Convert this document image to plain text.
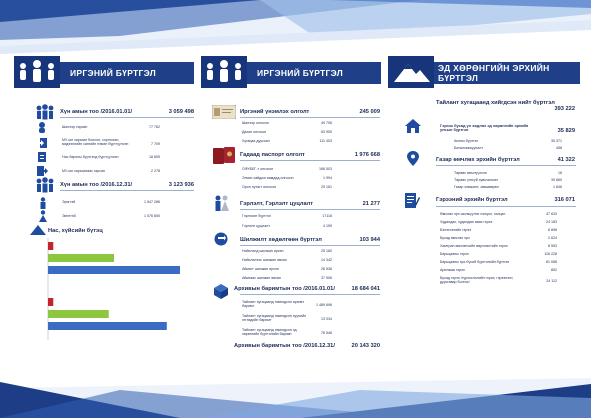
ИРГЭНИЙ БҮРТГЭЛ
Хүн амын тоо /2016.01.01/	3 059 498
Шинээр төрсөн	77 762
МУ-ын харьяат болсон, сэргээсэн, мэдээллийн сангийн нэмэн бүртгүүлсэн	7 709
Нас барсны бүртгэлд бүртгүүлсэн	18 805
МУ-ын харьяатаас гарсан	2 278
Хүн амын тоо /2016.12.31/	3 123 936
Эрэгтэй	1 547 286
Эмэгтэй	1 576 650
Нас, хүйсийн бүтэц
ИРГЭНИЙ БҮРТГЭЛ
Иргэний үнэмлэх олголт	245 009
Шинээр олгосон	49 706
Дахин олгосон	83 900
Хугацаа дууссан	111 403
Гадаад паспорт олголт	1 976 668
ОФУБЕГ-т олгосон	166 503
Элчин сайдын яамдад олгосон	1 994
Орон нутагт олгосон	29 161
Гэрлэлт, Гэрлэлт цуцлалт	21 277
Гэрлэсэн бүртгэл	17116
Гэрлэлт цуцлалт	4 159
Шилжилт хөдөлгөөн бүртгэл	103 944
Нийслэлд шилжин ирсэн	25 160
Нийслэлээс шилжин явсан	14 342
Аймагт шилжин ирсэн	26 536
Аймгаас шилжин явсан	37 906
Архивын баримтын тоо /2016.01.01/	18 684 041
Тайлант хугацаанд нэмэгдсэн архивт баримт	1 489 696
Тайлант хугацаанд нэмэгдсэн хуулийн этгээдийн баримт	13 034
Тайлант хугацаанд нэмэгдсэн эд хөрөнгийн бүртгэлийн баримт	76 546
Архивын баримтын тоо /2016.12.31/	20 143 320
ЭД ХӨРӨНГИЙН ЭРХИЙН БҮРТГЭЛ
Тайлант хугацаанд хийгдсэн нийт бүртгэл
393 222
Гэрээс бусад үл хөдлөх эд хөрөнгийн эрхийн улсын бүртгэл	35 829
Анхны бүртгэл	35 371
Баталгаажуулалт	458
Газар өмчлөх эрхийн бүртгэл	41 322
Төрөөс өмчлүүлсэн	16
Төрөөс үнэгүй хувьчилсан	39 660
Газар хэмжилт, зөвшөөрөл	1 646
Гэрээний эрхийн бүртгэл	316 071
Өмчлөх эрх шилжүүлэх хэлцэл, хэлцэл	47 633
Худалдах, худалдан авах гэрээ	24 183
Бэлэглэлийн гэрээ	8 898
Бусад өмчлөх эрх	2 624
Хамтран өмчлөгчийн өөрчлөлтийн гэрээ	8 553
Барьцааны гэрээ	116 228
Барьцааны эрх бүхий бүртгэлийн бүртгэл	81 088
Арилжаа гэрээ	852
Бусад гэрээ /түрээслэлийн гэрээ, гэрээлэлт, дуусгавар болгох/	24 112
